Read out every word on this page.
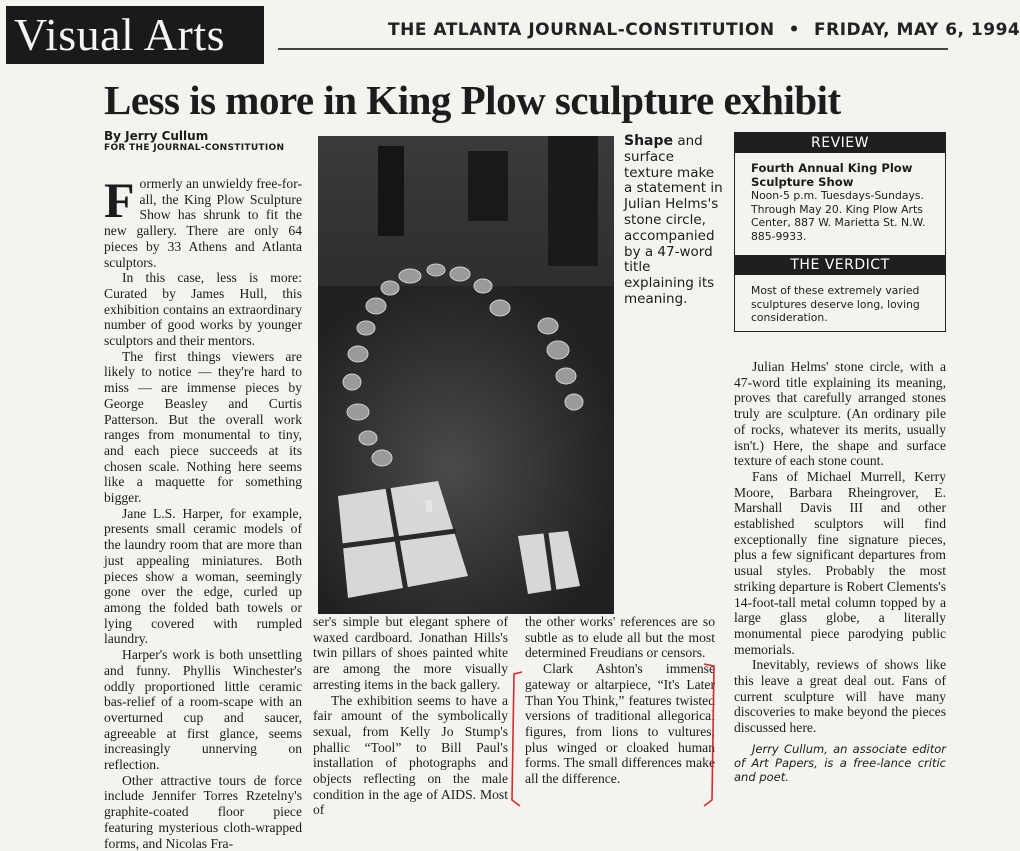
Visual Arts	THE ATLANTA JOURNAL-CONSTITUTION • FRIDAY, MAY 6, 1994
Less is more in King Plow sculpture exhibit
By Jerry Cullum
FOR THE JOURNAL-CONSTITUTION

Formerly an unwieldy free-for-all, the King Plow Sculpture Show has shrunk to fit the new gallery. There are only 64 pieces by 33 Athens and Atlanta sculptors.

In this case, less is more: Curated by James Hull, this exhibition contains an extraordinary number of good works by younger sculptors and their mentors.

The first things viewers are likely to notice — they're hard to miss — are immense pieces by George Beasley and Curtis Patterson. But the overall work ranges from monumental to tiny, and each piece succeeds at its chosen scale. Nothing here seems like a maquette for something bigger.

Jane L.S. Harper, for example, presents small ceramic models of the laundry room that are more than just appealing miniatures. Both pieces show a woman, seemingly gone over the edge, curled up among the folded bath towels or lying covered with rumpled laundry.

Harper's work is both unsettling and funny. Phyllis Winchester's oddly proportioned little ceramic bas-relief of a room-scape with an overturned cup and saucer, agreeable at first glance, seems increasingly unnerving on reflection.

Other attractive tours de force include Jennifer Torres Rzetelny's graphite-coated floor piece featuring mysterious cloth-wrapped forms, and Nicolas Fra-

Shape and surface texture make a statement in Julian Helms's stone circle, accompanied by a 47-word title explaining its meaning.
REVIEW
Fourth Annual King Plow Sculpture Show
Noon-5 p.m. Tuesdays-Sundays. Through May 20. King Plow Arts Center, 887 W. Marietta St. N.W. 885-9933.
THE VERDICT
Most of these extremely varied sculptures deserve long, loving consideration.

ser's simple but elegant sphere of waxed cardboard. Jonathan Hills's twin pillars of shoes painted white are among the more visually arresting items in the back gallery.

The exhibition seems to have a fair amount of the symbolically sexual, from Kelly Jo Stump's phallic “Tool” to Bill Paul's installation of photographs and objects reflecting on the male condition in the age of AIDS. Most of

the other works' references are so subtle as to elude all but the most determined Freudians or censors.

Clark Ashton's immense gateway or altarpiece, “It's Later Than You Think,” features twisted versions of traditional allegorical figures, from lions to vultures, plus winged or cloaked human forms. The small differences make all the difference.

Julian Helms' stone circle, with a 47-word title explaining its meaning, proves that carefully arranged stones truly are sculpture. (An ordinary pile of rocks, whatever its merits, usually isn't.) Here, the shape and surface texture of each stone count.

Fans of Michael Murrell, Kerry Moore, Barbara Rheingrover, E. Marshall Davis III and other established sculptors will find exceptionally fine signature pieces, plus a few significant departures from usual styles. Probably the most striking departure is Robert Clements's 14-foot-tall metal column topped by a large glass globe, a literally monumental piece parodying public memorials.

Inevitably, reviews of shows like this leave a great deal out. Fans of current sculpture will have many discoveries to make beyond the pieces discussed here.

Jerry Cullum, an associate editor of Art Papers, is a free-lance critic and poet.
